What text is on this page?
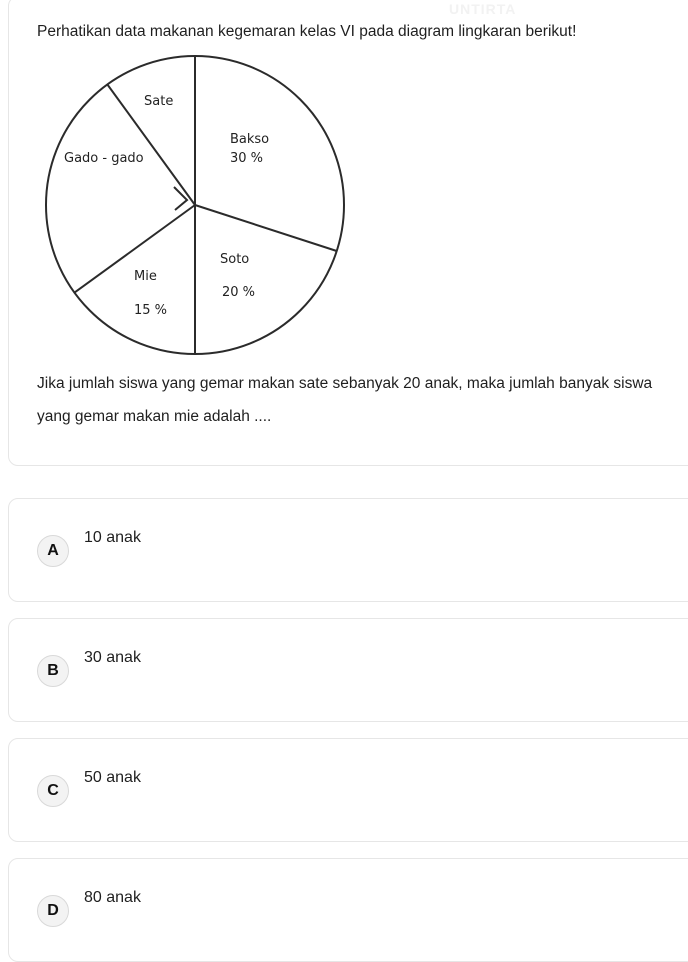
UNTIRTA
Perhatikan data makanan kegemaran kelas VI pada diagram lingkaran berikut!
Bakso
30 %
Soto
20 %
Mie
15 %
Gado - gado
Sate
Jika jumlah siswa yang gemar makan sate sebanyak 20 anak, maka jumlah banyak siswa yang gemar makan mie adalah ....
A
10 anak
B
30 anak
C
50 anak
D
80 anak
